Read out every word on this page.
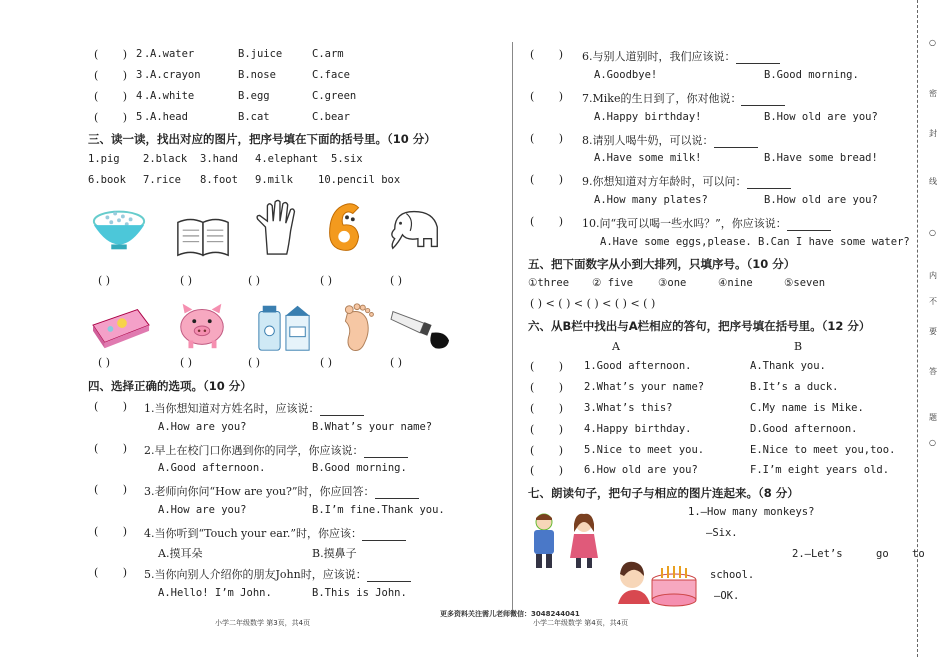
(       ) 2 . A.water	B.juice	C.arm
(       ) 3 . A.crayon	B.nose	C.face
(       ) 4 . A.white	B.egg	C.green
(       ) 5 . A.head	B.cat	C.bear
三、读一读，找出对应的图片，把序号填在下面的括号里。（10 分）
1.pig 2.black 3.hand 4.elephant 5.six
6.book 7.rice 8.foot 9.milk 10.pencil box
( )	( )	( )	( )	( )
( )	( )	( )	( )	( )
四、选择正确的选项。（10 分）
(       ) 1.当你想知道对方姓名时，应该说：
A.How are you?	B.What’s your name?
(       ) 2.早上在校门口你遇到你的同学，你应该说：
A.Good afternoon.	B.Good morning.
(       ) 3.老师向你问“How are you?”时，你应回答：
A.How are you?	B.I’m fine.Thank you.
(       ) 4.当你听到“Touch your ear.”时，你应该：
A.摸耳朵	B.摸鼻子
(       ) 5.当你向别人介绍你的朋友John时，应该说：
A.Hello! I’m John.	B.This is John.
小学二年级数学 第3页，共4页
(       ) 6.与别人道别时，我们应该说：
A.Goodbye!	B.Good morning.
(       ) 7.Mike的生日到了，你对他说：
A.Happy birthday!	B.How old are you?
(       ) 8.请别人喝牛奶，可以说：
A.Have some milk!	B.Have some bread!
(       ) 9.你想知道对方年龄时，可以问：
A.How many plates?	B.How old are you?
(       ) 10.问“我可以喝一些水吗？”，你应该说：
A.Have some eggs,please. B.Can I have some water?
五、把下面数字从小到大排列，只填序号。（10 分）
①three ② five ③one	④nine	⑤seven
( ) < ( ) < ( ) < ( ) < ( )
六、从B栏中找出与A栏相应的答句，把序号填在括号里。（12 分）
A	B
(       ) 1.Good afternoon.	A.Thank you.
(       ) 2.What’s your name?	B.It’s a duck.
(       ) 3.What’s this?	C.My name is Mike.
(       ) 4.Happy birthday.	D.Good afternoon.
(       ) 5.Nice to meet you.	E.Nice to meet you,too.
(       ) 6.How old are you?	F.I’m eight years old.
七、朗读句子，把句子与相应的图片连起来。（8 分）
1.—How many monkeys?
—Six.
2.—Let’s	go to
school.
—OK.
更多资料关注需儿老师微信：3048244041
小学二年级数学 第4页，共4页
○
密
封
线
○
内
不
要
答
题
○
